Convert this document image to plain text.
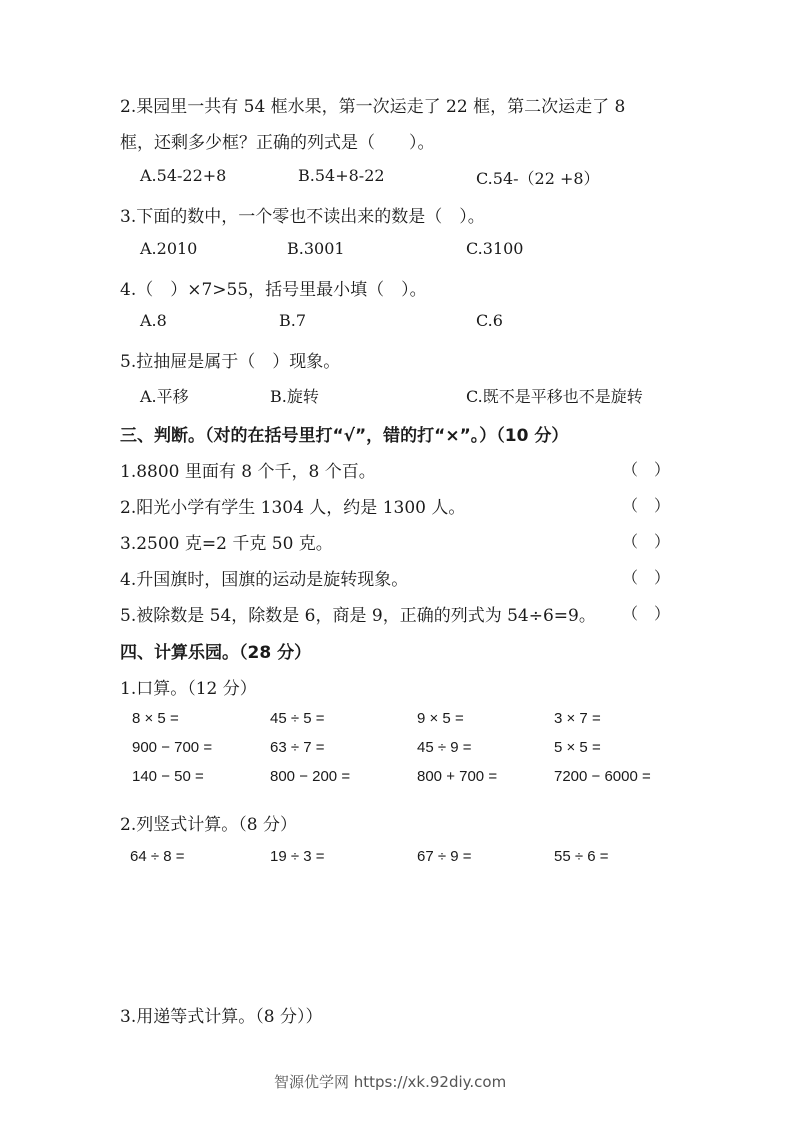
2.果园里一共有 54 框水果，第一次运走了 22 框，第二次运走了 8
框，还剩多少框？正确的列式是（　　）。
A.54-22+8	B.54+8-22	C.54-（22 +8）
3.下面的数中，一个零也不读出来的数是（　）。
A.2010	B.3001	C.3100
4.（　）×7>55，括号里最小填（　）。
A.8	B.7	C.6
5.拉抽屉是属于（　）现象。
A.平移	B.旋转	C.既不是平移也不是旋转
三、判断。（对的在括号里打“√”，错的打“×”。）（10 分）
1.8800 里面有 8 个千，8 个百。	（　）
2.阳光小学有学生 1304 人，约是 1300 人。	（　）
3.2500 克=2 千克 50 克。	（　）
4.升国旗时，国旗的运动是旋转现象。	（　）
5.被除数是 54，除数是 6，商是 9，正确的列式为 54÷6=9。 （　）
四、计算乐园。（28 分）
1.口算。（12 分）
8 × 5 =	45 ÷ 5 =	9 × 5 =	3 × 7 =
900 − 700 =	63 ÷ 7 =	45 ÷ 9 =	5 × 5 =
140 − 50 =	800 − 200 =	800 + 700 =	7200 − 6000 =
2.列竖式计算。（8 分）
64 ÷ 8 =	19 ÷ 3 =	67 ÷ 9 =	55 ÷ 6 =
3.用递等式计算。（8 分））
智源优学网 https://xk.92diy.com
